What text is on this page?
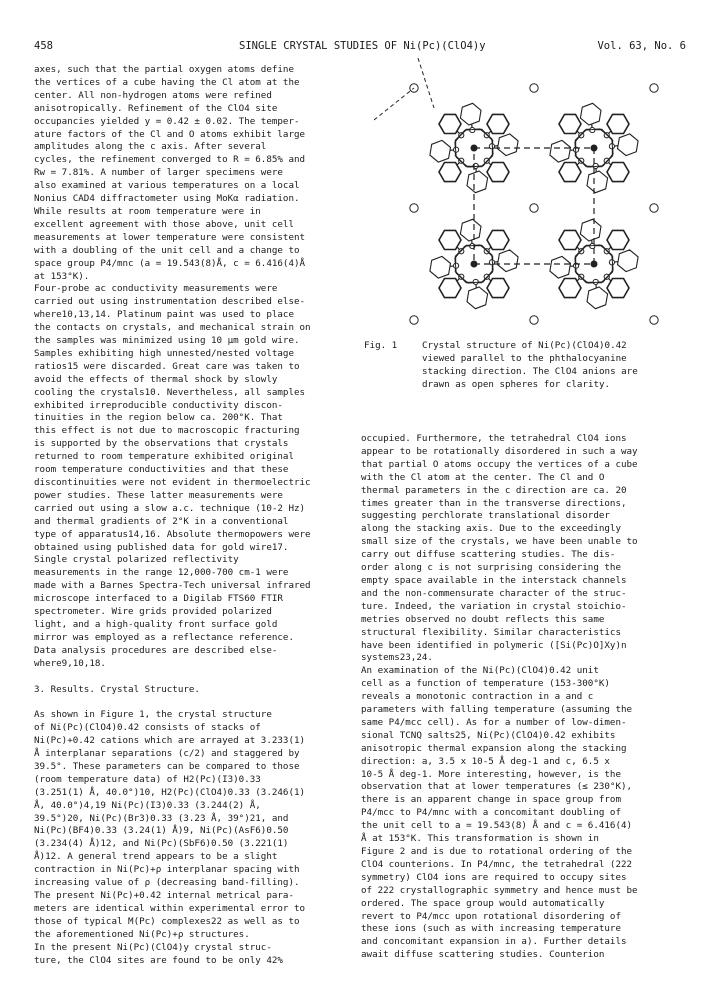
458	SINGLE CRYSTAL STUDIES OF Ni(Pc)(ClO4)y	Vol. 63, No. 6

axes, such that the partial oxygen atoms define

the vertices of a cube having the Cl atom at the

center. All non-hydrogen atoms were refined

anisotropically. Refinement of the ClO4 site

occupancies yielded y = 0.42 ± 0.02. The temper-

ature factors of the Cl and O atoms exhibit large

amplitudes along the c axis. After several

cycles, the refinement converged to R = 6.85% and

Rw = 7.81%. A number of larger specimens were

also examined at various temperatures on a local

Nonius CAD4 diffractometer using MoKα radiation.

While results at room temperature were in

excellent agreement with those above, unit cell

measurements at lower temperature were consistent

with a doubling of the unit cell and a change to

space group P4/mnc (a = 19.543(8)Å, c = 6.416(4)Å

at 153°K).

Four-probe ac conductivity measurements were

carried out using instrumentation described else-

where10,13,14. Platinum paint was used to place

the contacts on crystals, and mechanical strain on

the samples was minimized using 10 μm gold wire.

Samples exhibiting high unnested/nested voltage

ratios15 were discarded. Great care was taken to

avoid the effects of thermal shock by slowly

cooling the crystals10. Nevertheless, all samples

exhibited irreproducible conductivity discon-

tinuities in the region below ca. 200°K. That

this effect is not due to macroscopic fracturing

is supported by the observations that crystals

returned to room temperature exhibited original

room temperature conductivities and that these

discontinuities were not evident in thermoelectric

power studies. These latter measurements were

carried out using a slow a.c. technique (10-2 Hz)

and thermal gradients of 2°K in a conventional

type of apparatus14,16. Absolute thermopowers were

obtained using published data for gold wire17.

Single crystal polarized reflectivity

measurements in the range 12,000-700 cm-1 were

made with a Barnes Spectra-Tech universal infrared

microscope interfaced to a Digilab FTS60 FTIR

spectrometer. Wire grids provided polarized

light, and a high-quality front surface gold

mirror was employed as a reflectance reference.

Data analysis procedures are described else-

where9,10,18.

3. Results. Crystal Structure.

As shown in Figure 1, the crystal structure

of Ni(Pc)(ClO4)0.42 consists of stacks of

Ni(Pc)+0.42 cations which are arrayed at 3.233(1)

Å interplanar separations (c/2) and staggered by

39.5°. These parameters can be compared to those

(room temperature data) of H2(Pc)(I3)0.33

(3.251(1) Å, 40.0°)10, H2(Pc)(ClO4)0.33 (3.246(1)

Å, 40.0°)4,19 Ni(Pc)(I3)0.33 (3.244(2) Å,

39.5°)20, Ni(Pc)(Br3)0.33 (3.23 Å, 39°)21, and

Ni(Pc)(BF4)0.33 (3.24(1) Å)9, Ni(Pc)(AsF6)0.50

(3.234(4) Å)12, and Ni(Pc)(SbF6)0.50 (3.221(1)

Å)12. A general trend appears to be a slight

contraction in Ni(Pc)+ρ interplanar spacing with

increasing value of ρ (decreasing band-filling).

The present Ni(Pc)+0.42 internal metrical para-

meters are identical within experimental error to

those of typical M(Pc) complexes22 as well as to

the aforementioned Ni(Pc)+ρ structures.

In the present Ni(Pc)(ClO4)y crystal struc-

ture, the ClO4 sites are found to be only 42%

Fig. 1	Crystal structure of Ni(Pc)(ClO4)0.42

viewed parallel to the phthalocyanine

stacking direction. The ClO4 anions are

drawn as open spheres for clarity.

occupied. Furthermore, the tetrahedral ClO4 ions

appear to be rotationally disordered in such a way

that partial O atoms occupy the vertices of a cube

with the Cl atom at the center. The Cl and O

thermal parameters in the c direction are ca. 20

times greater than in the transverse directions,

suggesting perchlorate translational disorder

along the stacking axis. Due to the exceedingly

small size of the crystals, we have been unable to

carry out diffuse scattering studies. The dis-

order along c is not surprising considering the

empty space available in the interstack channels

and the non-commensurate character of the struc-

ture. Indeed, the variation in crystal stoichio-

metries observed no doubt reflects this same

structural flexibility. Similar characteristics

have been identified in polymeric ([Si(Pc)O]Xy)n

systems23,24.

An examination of the Ni(Pc)(ClO4)0.42 unit

cell as a function of temperature (153-300°K)

reveals a monotonic contraction in a and c

parameters with falling temperature (assuming the

same P4/mcc cell). As for a number of low-dimen-

sional TCNQ salts25, Ni(Pc)(ClO4)0.42 exhibits

anisotropic thermal expansion along the stacking

direction: a, 3.5 x 10-5 Å deg-1 and c, 6.5 x

10-5 Å deg-1. More interesting, however, is the

observation that at lower temperatures (≤ 230°K),

there is an apparent change in space group from

P4/mcc to P4/mnc with a concomitant doubling of

the unit cell to a = 19.543(8) Å and c = 6.416(4)

Å at 153°K. This transformation is shown in

Figure 2 and is due to rotational ordering of the

ClO4 counterions. In P4/mnc, the tetrahedral (222

symmetry) ClO4 ions are required to occupy sites

of 222 crystallographic symmetry and hence must be

ordered. The space group would automatically

revert to P4/mcc upon rotational disordering of

these ions (such as with increasing temperature

and concomitant expansion in a). Further details

await diffuse scattering studies. Counterion
